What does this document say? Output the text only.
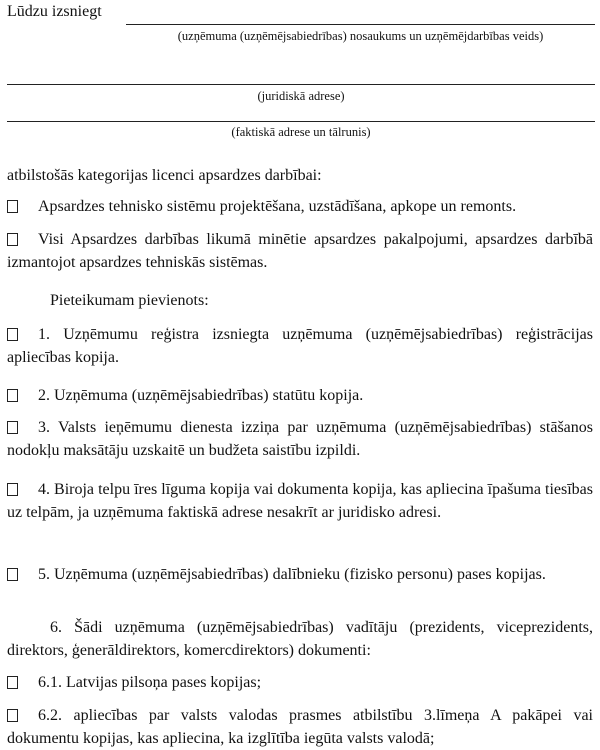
Lūdzu izsniegt
(uzņēmuma (uzņēmējsabiedrības) nosaukums un uzņēmējdarbības veids)
(juridiskā adrese)
(faktiskā adrese un tālrunis)
atbilstošās kategorijas licenci apsardzes darbībai:
Apsardzes tehnisko sistēmu projektēšana, uzstādīšana, apkope un remonts.
Visi Apsardzes darbības likumā minētie apsardzes pakalpojumi, apsardzes darbībā izmantojot apsardzes tehniskās sistēmas.
Pieteikumam pievienots:
1. Uzņēmumu reģistra izsniegta uzņēmuma (uzņēmējsabiedrības) reģistrācijas apliecības kopija.
2. Uzņēmuma (uzņēmējsabiedrības) statūtu kopija.
3. Valsts ieņēmumu dienesta izziņa par uzņēmuma (uzņēmējsabiedrības) stāšanos nodokļu maksātāju uzskaitē un budžeta saistību izpildi.
4. Biroja telpu īres līguma kopija vai dokumenta kopija, kas apliecina īpašuma tiesības uz telpām, ja uzņēmuma faktiskā adrese nesakrīt ar juridisko adresi.
5. Uzņēmuma (uzņēmējsabiedrības) dalībnieku (fizisko personu) pases kopijas.
6. Šādi uzņēmuma (uzņēmējsabiedrības) vadītāju (prezidents, viceprezidents, direktors, ģenerāldirektors, komercdirektors) dokumenti:
6.1. Latvijas pilsoņa pases kopijas;
6.2. apliecības par valsts valodas prasmes atbilstību 3.līmeņa A pakāpei vai dokumentu kopijas, kas apliecina, ka izglītība iegūta valsts valodā;
